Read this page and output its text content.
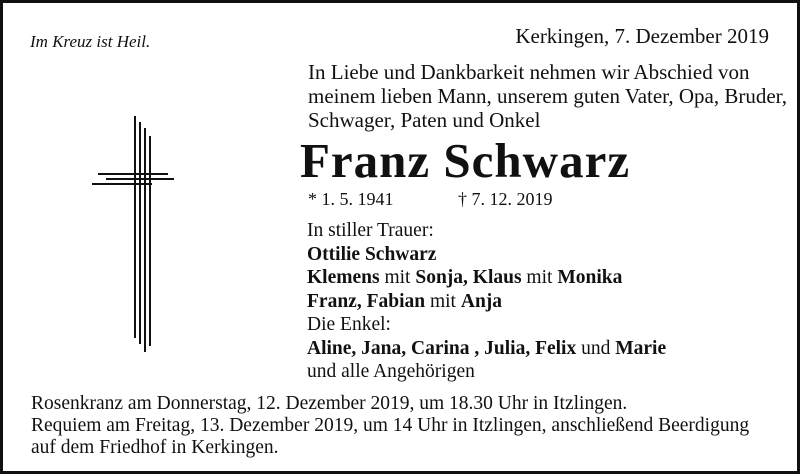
Im Kreuz ist Heil.	Kerkingen, 7. Dezember 2019
In Liebe und Dankbarkeit nehmen wir Abschied von
meinem lieben Mann, unserem guten Vater, Opa, Bruder,
Schwager, Paten und Onkel
Franz Schwarz
* 1. 5. 1941	† 7. 12. 2019
In stiller Trauer:
Ottilie Schwarz
Klemens mit Sonja, Klaus mit Monika
Franz, Fabian mit Anja
Die Enkel:
Aline, Jana, Carina , Julia, Felix und Marie
und alle Angehörigen
Rosenkranz am Donnerstag, 12. Dezember 2019, um 18.30 Uhr in Itzlingen.
Requiem am Freitag, 13. Dezember 2019, um 14 Uhr in Itzlingen, anschließend Beerdigung
auf dem Friedhof in Kerkingen.
